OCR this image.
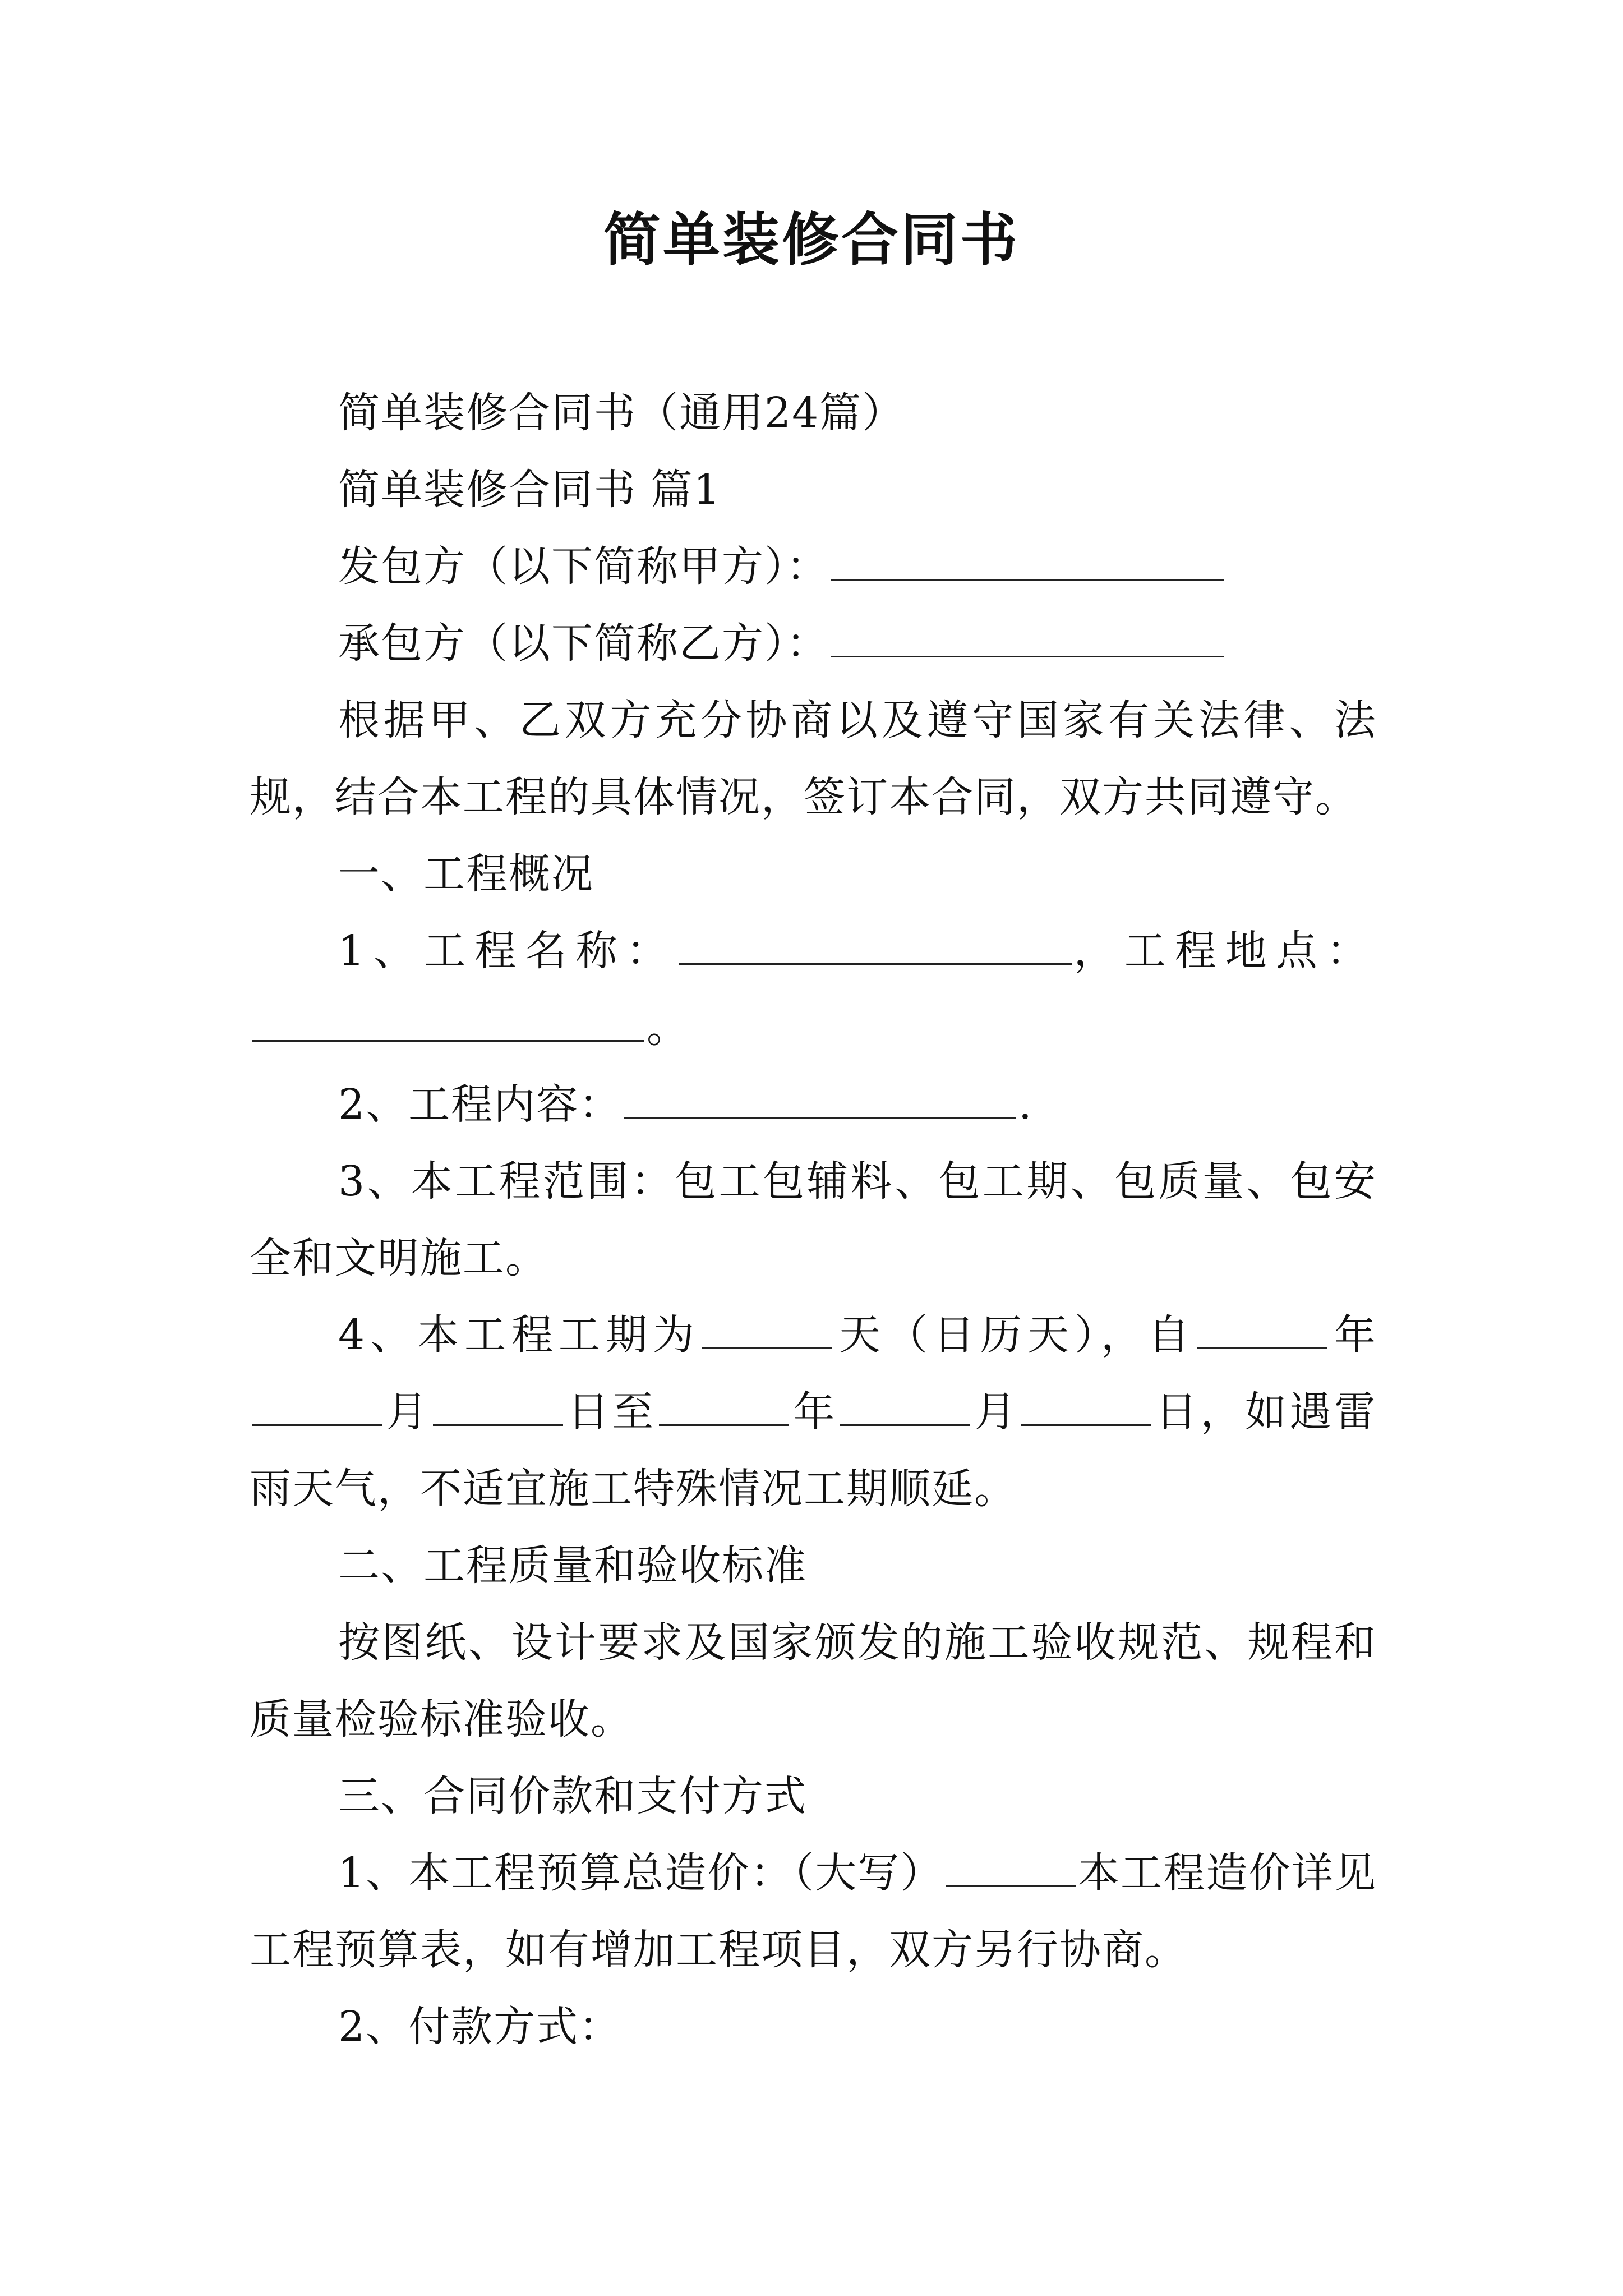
简单装修合同书

简单装修合同书（通用24篇）

简单装修合同书 篇1

发包方（以下简称甲方）：

承包方（以下简称乙方）：

根据甲、乙双方充分协商以及遵守国家有关法律、法规，结合本工程的具体情况，签订本合同，双方共同遵守。

一、工程概况

1、工程名称：	，工程地点：。

2、工程内容：	.

3、本工程范围：包工包辅料、包工期、包质量、包安全和文明施工。

4、本工程工期为	天（日历天），自	年月	日至	年	月	日，如遇雷雨天气，不适宜施工特殊情况工期顺延。

二、工程质量和验收标准

按图纸、设计要求及国家颁发的施工验收规范、规程和质量检验标准验收。

三、合同价款和支付方式

1、本工程预算总造价：（大写）	本工程造价详见工程预算表，如有增加工程项目，双方另行协商。

2、付款方式：
